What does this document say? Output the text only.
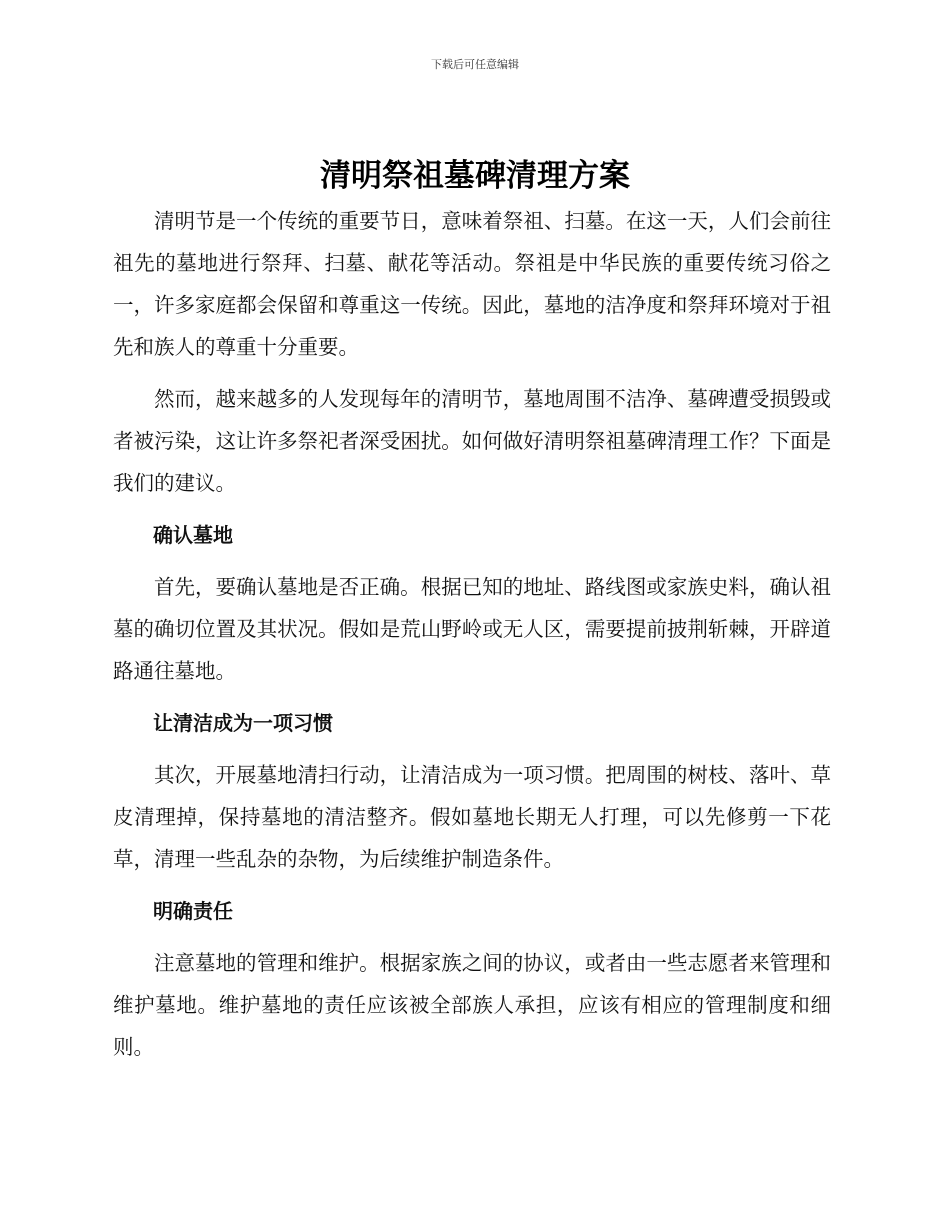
下载后可任意编辑
清明祭祖墓碑清理方案

清明节是一个传统的重要节日，意味着祭祖、扫墓。在这一天，人们会前往祖先的墓地进行祭拜、扫墓、献花等活动。祭祖是中华民族的重要传统习俗之一，许多家庭都会保留和尊重这一传统。因此，墓地的洁净度和祭拜环境对于祖先和族人的尊重十分重要。

然而，越来越多的人发现每年的清明节，墓地周围不洁净、墓碑遭受损毁或者被污染，这让许多祭祀者深受困扰。如何做好清明祭祖墓碑清理工作？下面是我们的建议。

确认墓地

首先，要确认墓地是否正确。根据已知的地址、路线图或家族史料，确认祖墓的确切位置及其状况。假如是荒山野岭或无人区，需要提前披荆斩棘，开辟道路通往墓地。

让清洁成为一项习惯

其次，开展墓地清扫行动，让清洁成为一项习惯。把周围的树枝、落叶、草皮清理掉，保持墓地的清洁整齐。假如墓地长期无人打理，可以先修剪一下花草，清理一些乱杂的杂物，为后续维护制造条件。

明确责任

注意墓地的管理和维护。根据家族之间的协议，或者由一些志愿者来管理和维护墓地。维护墓地的责任应该被全部族人承担，应该有相应的管理制度和细则。
